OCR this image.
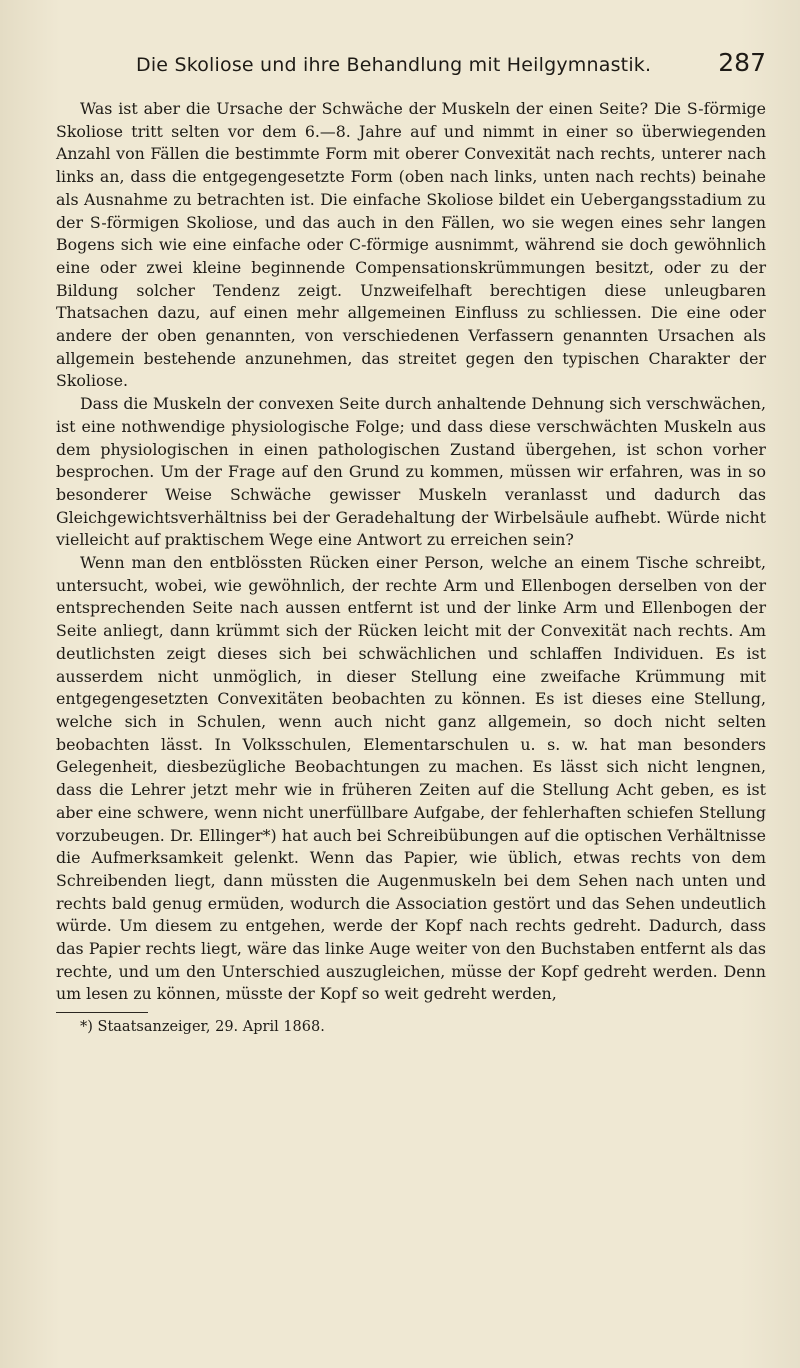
Die Skoliose und ihre Behandlung mit Heilgymnastik.	287

Was ist aber die Ursache der Schwäche der Muskeln der einen Seite? Die S-förmige Skoliose tritt selten vor dem 6.—8. Jahre auf und nimmt in einer so überwiegenden Anzahl von Fällen die bestimmte Form mit oberer Convexität nach rechts, unterer nach links an, dass die entgegengesetzte Form (oben nach links, unten nach rechts) beinahe als Ausnahme zu betrachten ist. Die einfache Skoliose bildet ein Uebergangsstadium zu der S-förmigen Skoliose, und das auch in den Fällen, wo sie wegen eines sehr langen Bogens sich wie eine einfache oder C-förmige ausnimmt, während sie doch gewöhnlich eine oder zwei kleine beginnende Compensationskrümmungen besitzt, oder zu der Bildung solcher Tendenz zeigt. Unzweifelhaft berechtigen diese unleugbaren Thatsachen dazu, auf einen mehr allgemeinen Einfluss zu schliessen. Die eine oder andere der oben genannten, von verschiedenen Verfassern genannten Ursachen als allgemein bestehende anzunehmen, das streitet gegen den typischen Charakter der Skoliose.

Dass die Muskeln der convexen Seite durch anhaltende Dehnung sich verschwächen, ist eine nothwendige physiologische Folge; und dass diese verschwächten Muskeln aus dem physiologischen in einen pathologischen Zustand übergehen, ist schon vorher besprochen. Um der Frage auf den Grund zu kommen, müssen wir erfahren, was in so besonderer Weise Schwäche gewisser Muskeln veranlasst und dadurch das Gleichgewichtsverhältniss bei der Geradehaltung der Wirbelsäule aufhebt. Würde nicht vielleicht auf praktischem Wege eine Antwort zu erreichen sein?

Wenn man den entblössten Rücken einer Person, welche an einem Tische schreibt, untersucht, wobei, wie gewöhnlich, der rechte Arm und Ellenbogen derselben von der entsprechenden Seite nach aussen entfernt ist und der linke Arm und Ellenbogen der Seite anliegt, dann krümmt sich der Rücken leicht mit der Convexität nach rechts. Am deutlichsten zeigt dieses sich bei schwächlichen und schlaffen Individuen. Es ist ausserdem nicht unmöglich, in dieser Stellung eine zweifache Krümmung mit entgegengesetzten Convexitäten beobachten zu können. Es ist dieses eine Stellung, welche sich in Schulen, wenn auch nicht ganz allgemein, so doch nicht selten beobachten lässt. In Volksschulen, Elementarschulen u. s. w. hat man besonders Gelegenheit, diesbezügliche Beobachtungen zu machen. Es lässt sich nicht lengnen, dass die Lehrer jetzt mehr wie in früheren Zeiten auf die Stellung Acht geben, es ist aber eine schwere, wenn nicht unerfüllbare Aufgabe, der fehlerhaften schiefen Stellung vorzubeugen. Dr. Ellinger*) hat auch bei Schreibübungen auf die optischen Verhältnisse die Aufmerksamkeit gelenkt. Wenn das Papier, wie üblich, etwas rechts von dem Schreibenden liegt, dann müssten die Augenmuskeln bei dem Sehen nach unten und rechts bald genug ermüden, wodurch die Association gestört und das Sehen undeutlich würde. Um diesem zu entgehen, werde der Kopf nach rechts gedreht. Dadurch, dass das Papier rechts liegt, wäre das linke Auge weiter von den Buchstaben entfernt als das rechte, und um den Unterschied auszugleichen, müsse der Kopf gedreht werden. Denn um lesen zu können, müsste der Kopf so weit gedreht werden,

*) Staatsanzeiger, 29. April 1868.
